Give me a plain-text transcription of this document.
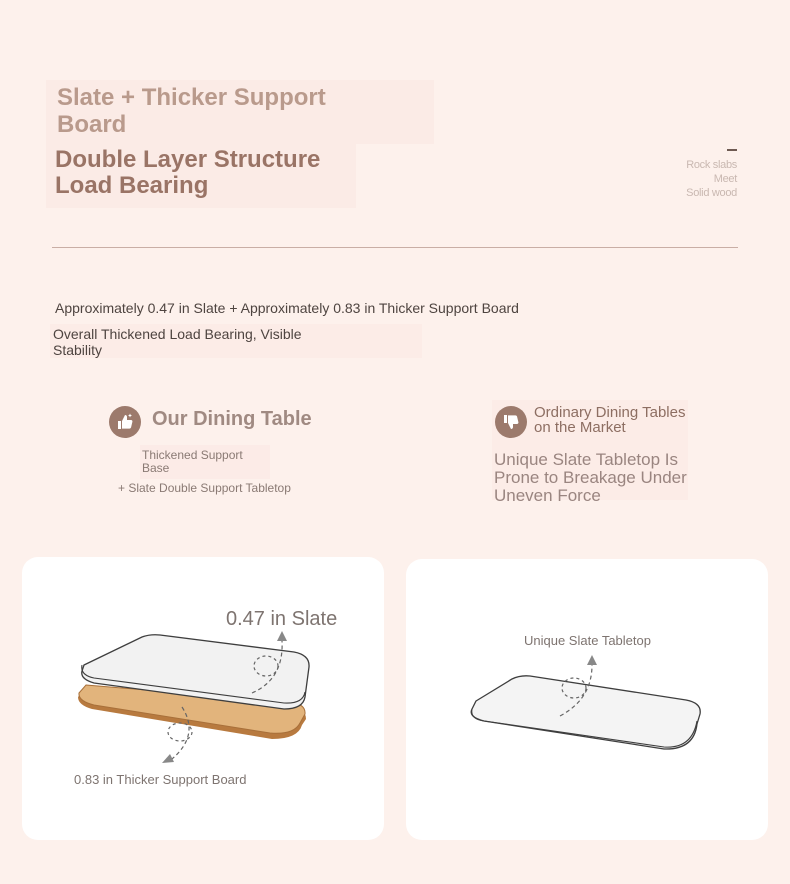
Slate + Thicker Support Board
Double Layer Structure Load Bearing
Rock slabs
Meet
Solid wood
Approximately 0.47 in Slate + Approximately 0.83 in Thicker Support Board
Overall Thickened Load Bearing, Visible Stability
Our Dining Table
Thickened Support Base
+ Slate Double Support Tabletop
Ordinary Dining Tables on the Market
Unique Slate Tabletop Is Prone to Breakage Under Uneven Force
0.47 in Slate
0.83 in Thicker Support Board
Unique Slate Tabletop
